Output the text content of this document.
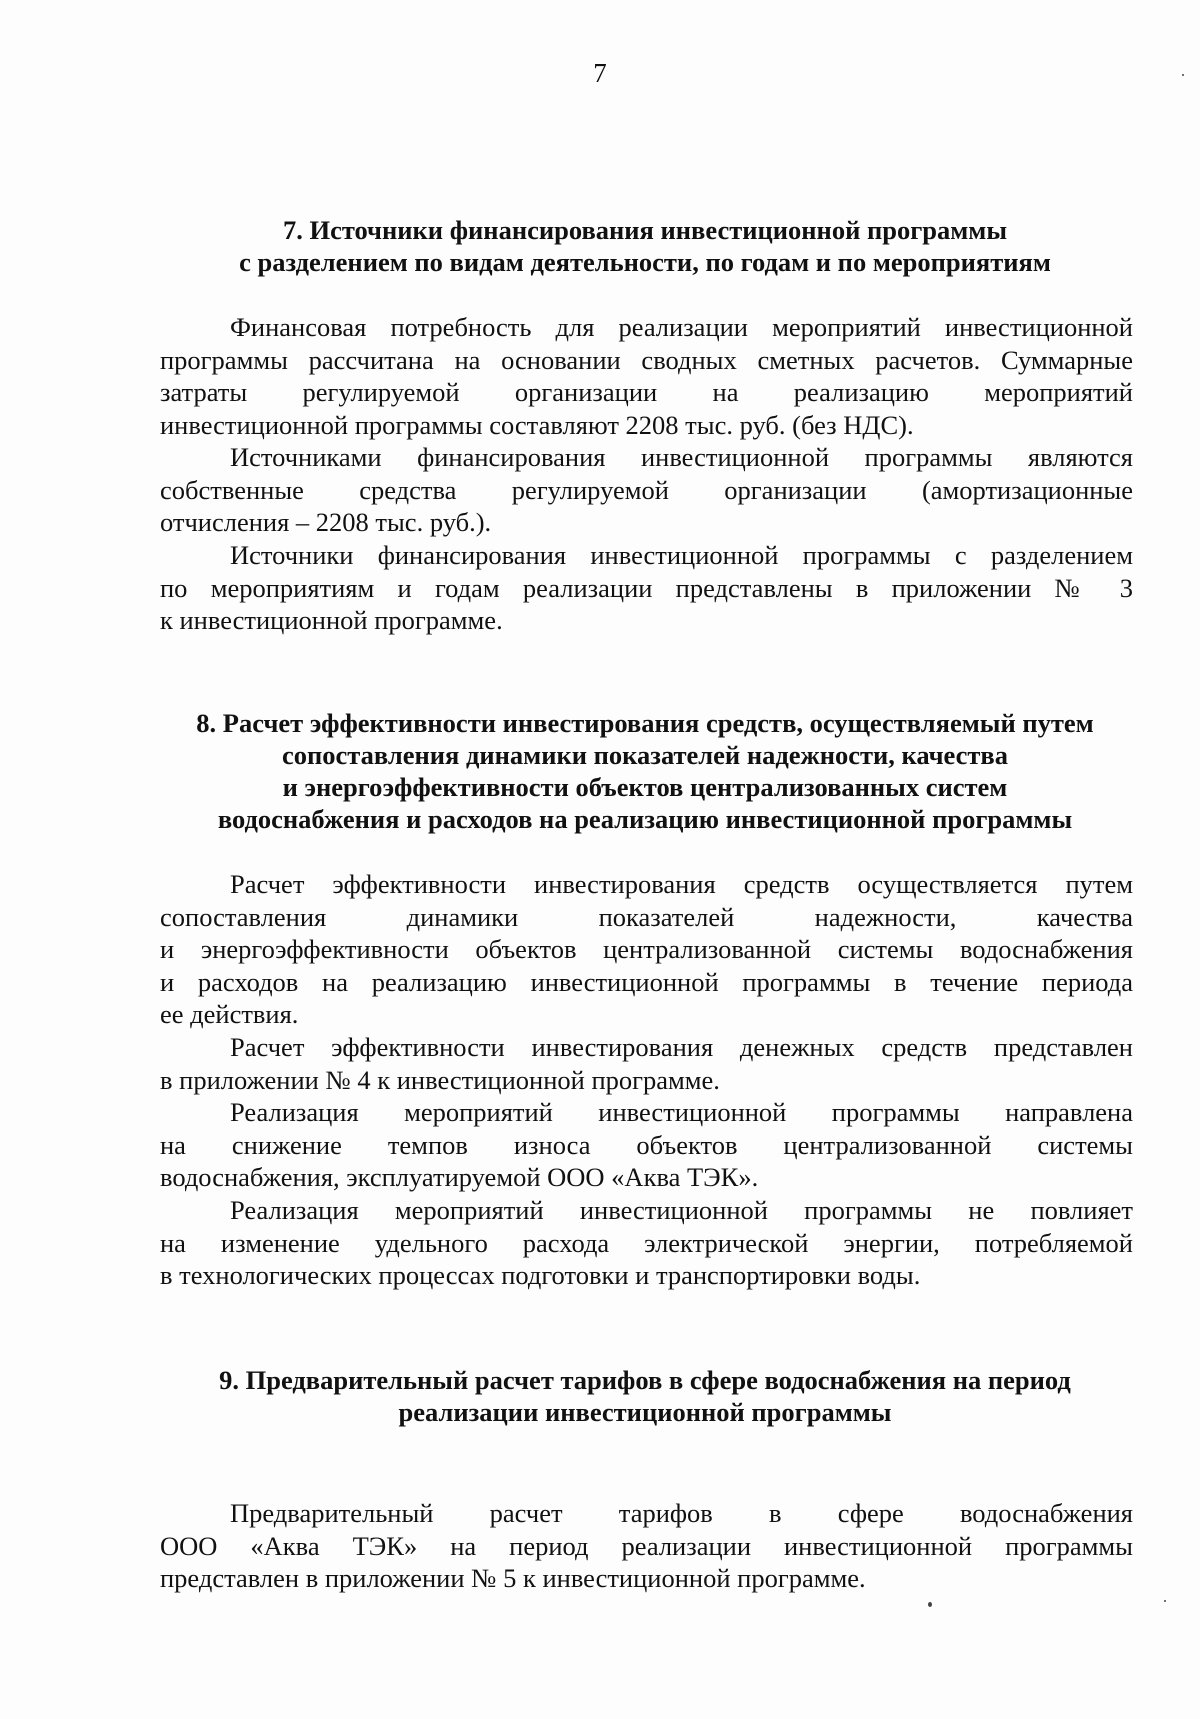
7
7. Источники финансирования инвестиционной программы
с разделением по видам деятельности, по годам и по мероприятиям
Финансовая потребность для реализации мероприятий инвестиционной
программы рассчитана на основании сводных сметных расчетов. Суммарные
затраты регулируемой организации на реализацию мероприятий
инвестиционной программы составляют 2208 тыс. руб. (без НДС).
Источниками финансирования инвестиционной программы являются
собственные средства регулируемой организации (амортизационные
отчисления – 2208 тыс. руб.).
Источники финансирования инвестиционной программы с разделением
по мероприятиям и годам реализации представлены в приложении № 3
к инвестиционной программе.
8. Расчет эффективности инвестирования средств, осуществляемый путем
сопоставления динамики показателей надежности, качества
и энергоэффективности объектов централизованных систем
водоснабжения и расходов на реализацию инвестиционной программы
Расчет эффективности инвестирования средств осуществляется путем
сопоставления динамики показателей надежности, качества
и энергоэффективности объектов централизованной системы водоснабжения
и расходов на реализацию инвестиционной программы в течение периода
ее действия.
Расчет эффективности инвестирования денежных средств представлен
в приложении № 4 к инвестиционной программе.
Реализация мероприятий инвестиционной программы направлена
на снижение темпов износа объектов централизованной системы
водоснабжения, эксплуатируемой ООО «Аква ТЭК».
Реализация мероприятий инвестиционной программы не повлияет
на изменение удельного расхода электрической энергии, потребляемой
в технологических процессах подготовки и транспортировки воды.
9. Предварительный расчет тарифов в сфере водоснабжения на период
реализации инвестиционной программы
Предварительный расчет тарифов в сфере водоснабжения
ООО «Аква ТЭК» на период реализации инвестиционной программы
представлен в приложении № 5 к инвестиционной программе.
